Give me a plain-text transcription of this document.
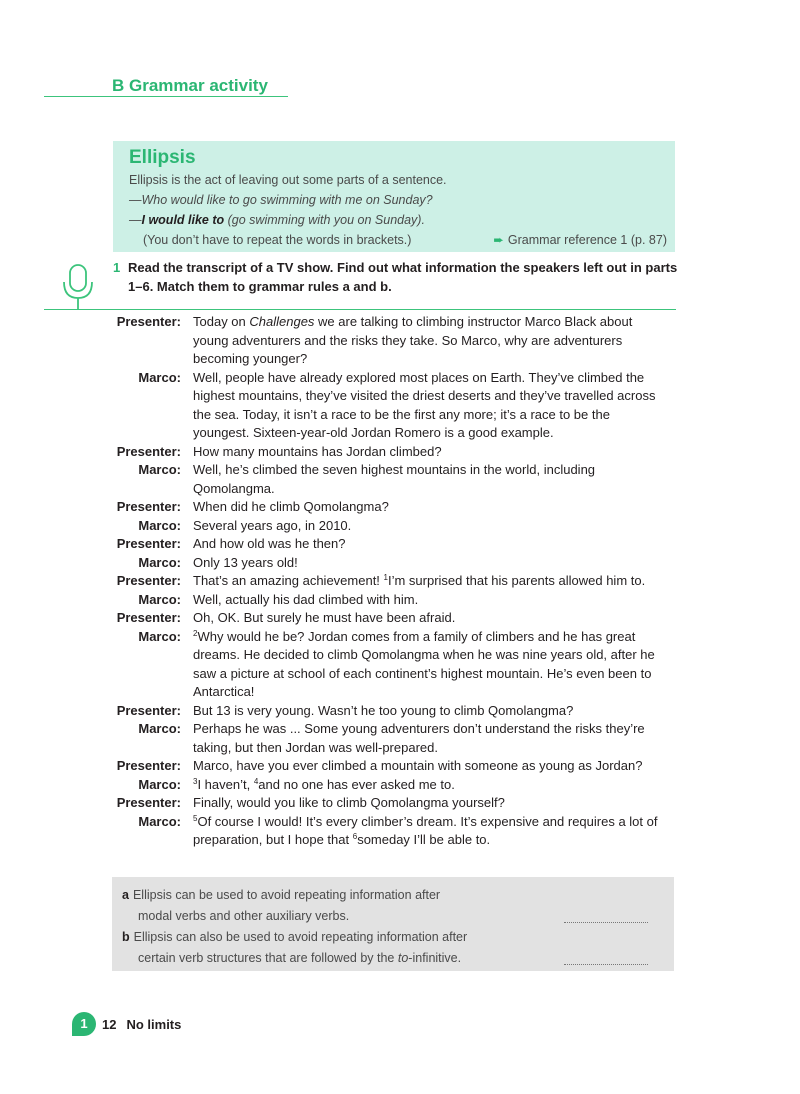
B Grammar activity
Ellipsis
Ellipsis is the act of leaving out some parts of a sentence.
—Who would like to go swimming with me on Sunday?
—I would like to (go swimming with you on Sunday).
(You don’t have to repeat the words in brackets.)	➨ Grammar reference 1 (p. 87)
1 Read the transcript of a TV show. Find out what information the speakers left out in parts 1–6. Match them to grammar rules a and b.
Presenter: Today on Challenges we are talking to climbing instructor Marco Black about young adventurers and the risks they take. So Marco, why are adventurers becoming younger?
Marco: Well, people have already explored most places on Earth. They’ve climbed the highest mountains, they’ve visited the driest deserts and they’ve travelled across the sea. Today, it isn’t a race to be the first any more; it’s a race to be the youngest. Sixteen-year-old Jordan Romero is a good example.
Presenter: How many mountains has Jordan climbed?
Marco: Well, he’s climbed the seven highest mountains in the world, including Qomolangma.
Presenter: When did he climb Qomolangma?
Marco: Several years ago, in 2010.
Presenter: And how old was he then?
Marco: Only 13 years old!
Presenter: That’s an amazing achievement! $^1$I’m surprised that his parents allowed him to.
Marco: Well, actually his dad climbed with him.
Presenter: Oh, OK. But surely he must have been afraid.
Marco:	$^2$Why would he be? Jordan comes from a family of climbers and he has great dreams. He decided to climb Qomolangma when he was nine years old, after he saw a picture at school of each continent’s highest mountain. He’s even been to Antarctica!
Presenter: But 13 is very young. Wasn’t he too young to climb Qomolangma?
Marco: Perhaps he was ... Some young adventurers don’t understand the risks they’re taking, but then Jordan was well-prepared.
Presenter: Marco, have you ever climbed a mountain with someone as young as Jordan?
Marco:	$^3$I haven’t, $^4$and no one has ever asked me to.
Presenter: Finally, would you like to climb Qomolangma yourself?
Marco:	$^5$Of course I would! It’s every climber’s dream. It’s expensive and requires a lot of preparation, but I hope that $^6$someday I’ll be able to.
a Ellipsis can be used to avoid repeating information after
modal verbs and other auxiliary verbs.
b Ellipsis can also be used to avoid repeating information after
certain verb structures that are followed by the to-infinitive.
1	12 No limits
